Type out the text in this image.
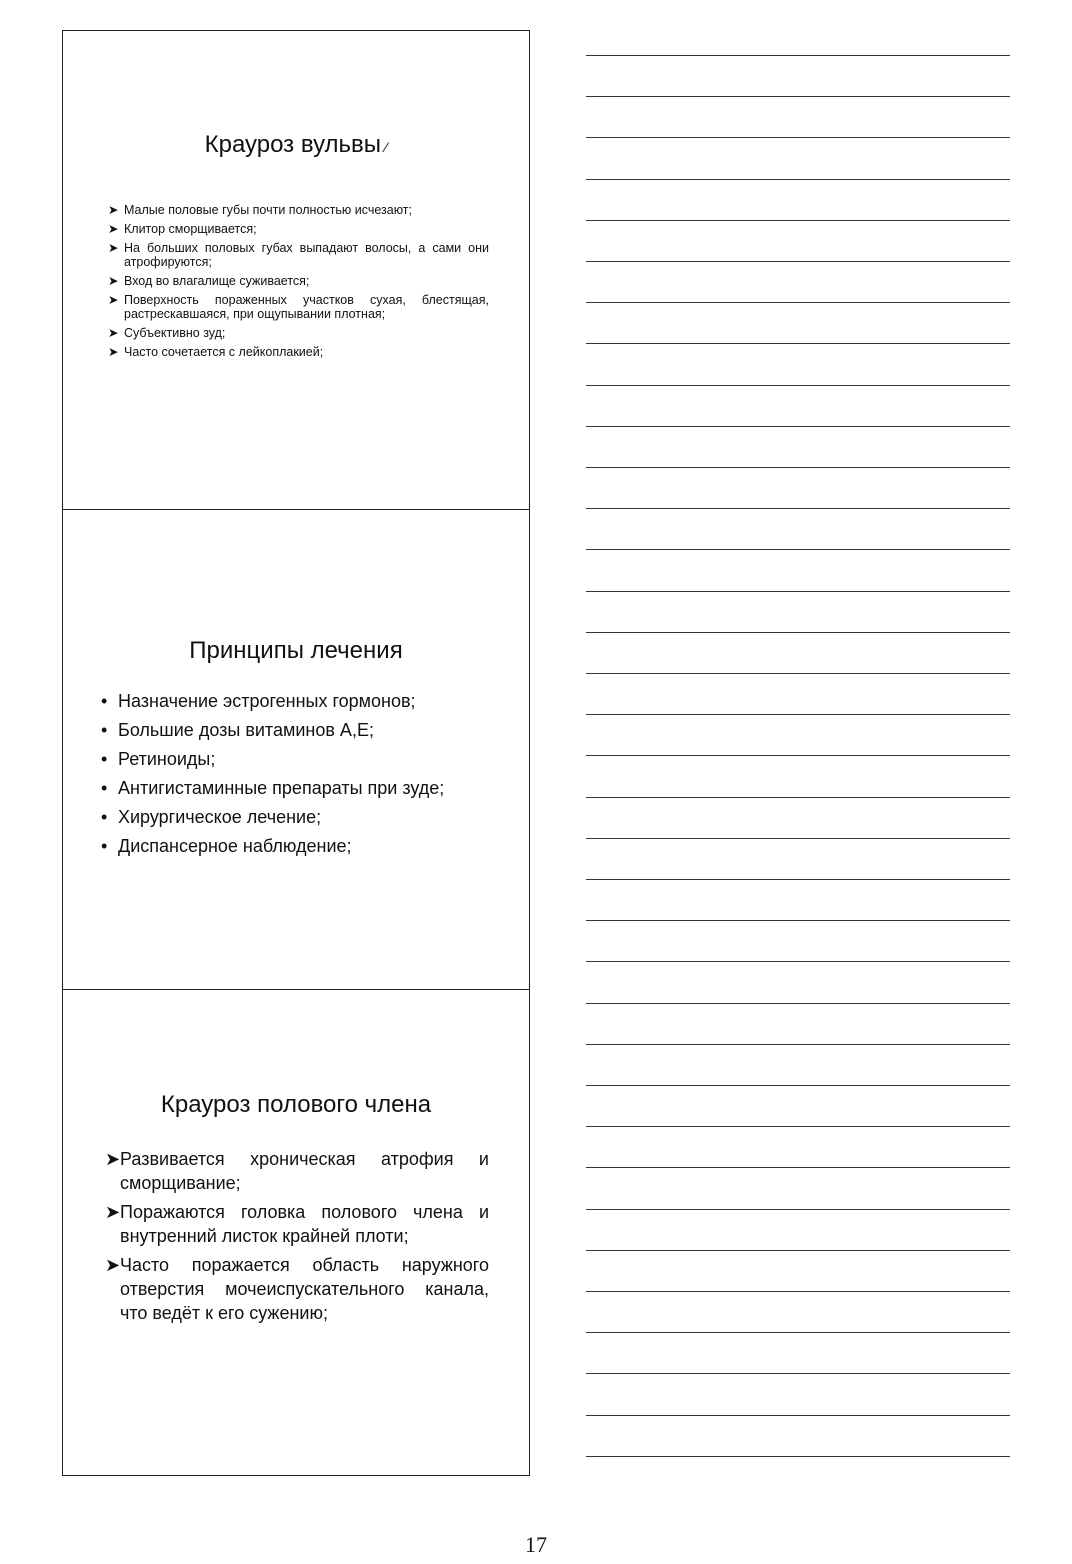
Крауроз вульвы ⁄
➤ Малые половые губы почти полностью исчезают;
➤ Клитор сморщивается;
➤ На больших половых губах выпадают волосы, а сами они атрофируются;
➤ Вход во влагалище суживается;
➤ Поверхность пораженных участков сухая, блестящая, растрескавшаяся, при ощупывании плотная;
➤ Субъективно зуд;
➤ Часто сочетается с лейкоплакией;
Принципы лечения
• Назначение эстрогенных гормонов;
• Большие дозы витаминов А,Е;
• Ретиноиды;
• Антигистаминные препараты при зуде;
• Хирургическое лечение;
• Диспансерное наблюдение;
Крауроз полового члена
➤ Развивается хроническая атрофия и сморщивание;
➤ Поражаются головка полового члена и внутренний листок крайней плоти;
➤ Часто поражается область наружного отверстия мочеиспускательного канала, что ведёт к его сужению;
17
